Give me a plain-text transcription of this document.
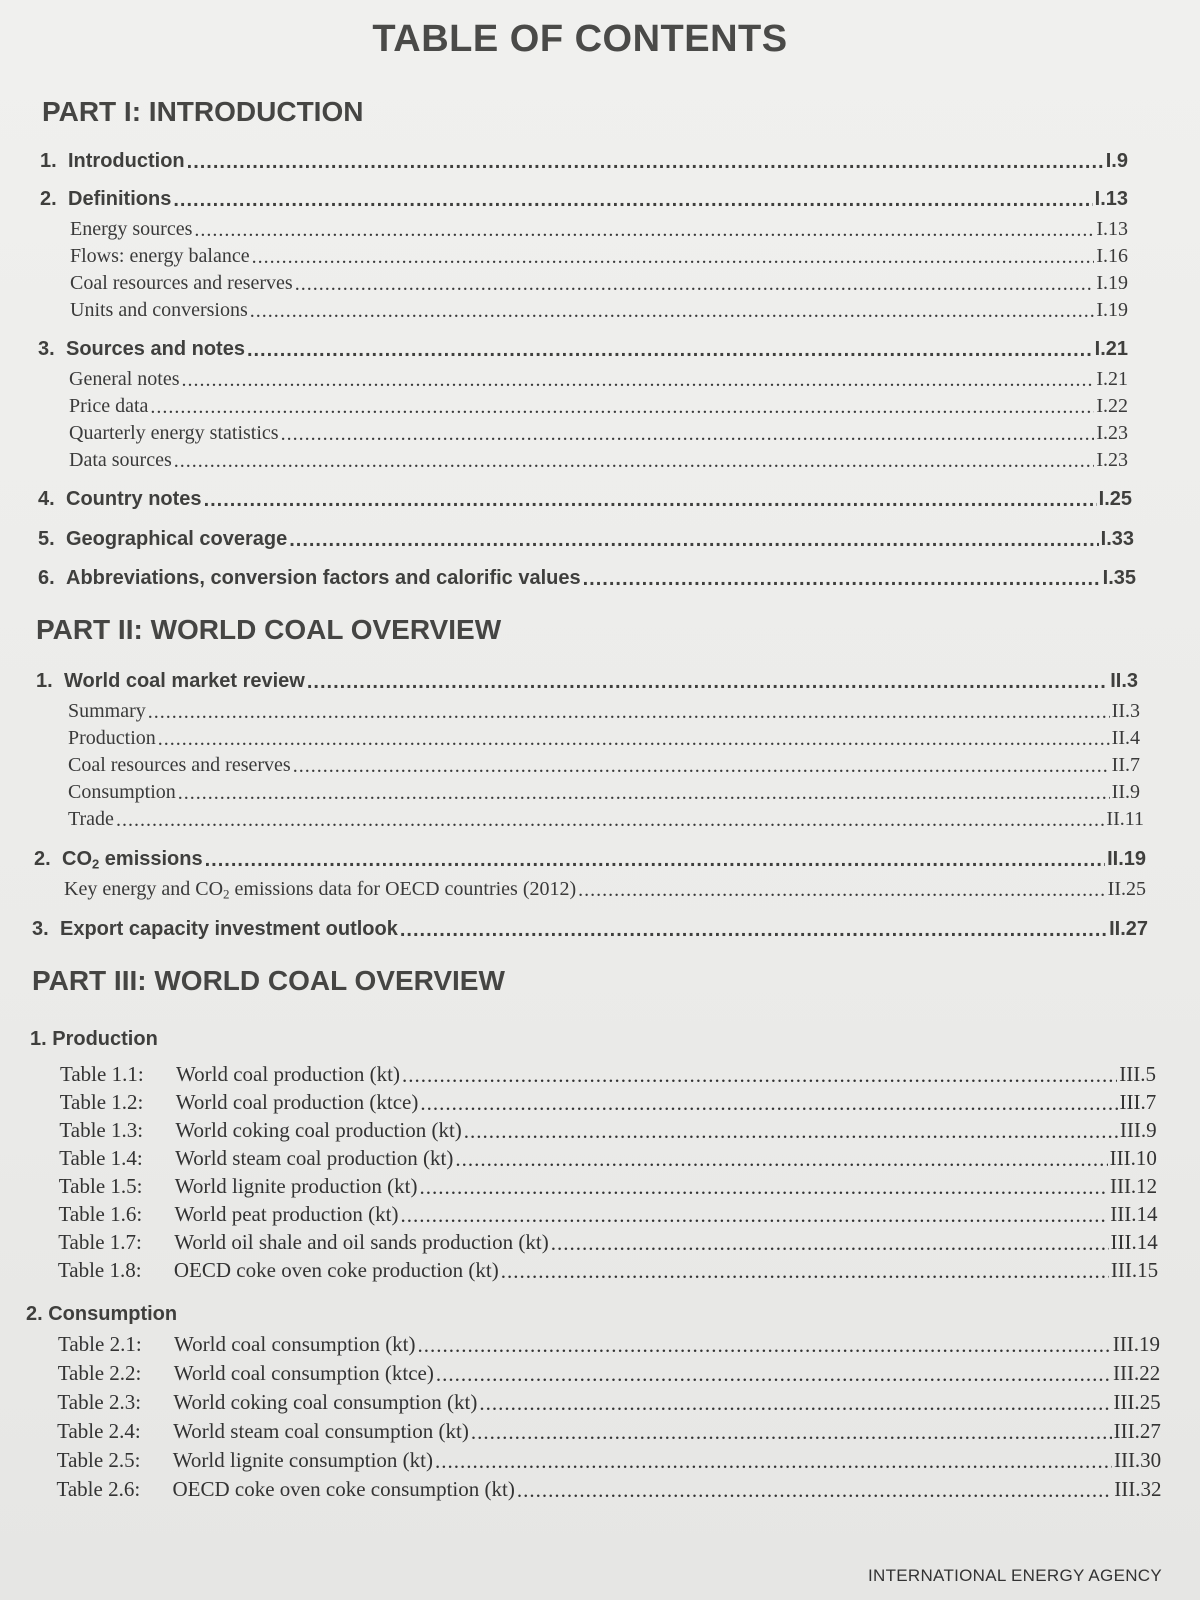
TABLE OF CONTENTS
PART I: INTRODUCTION
1. Introduction .....	I.9
2. Definitions .....	I.13
Energy sources .....	I.13
Flows: energy balance .....	I.16
Coal resources and reserves .....	I.19
Units and conversions .....	I.19
3. Sources and notes .....	I.21
General notes .....	I.21
Price data .....	I.22
Quarterly energy statistics .....	I.23
Data sources .....	I.23
4. Country notes .....	I.25
5. Geographical coverage .....	I.33
6. Abbreviations, conversion factors and calorific values .....	I.35
PART II: WORLD COAL OVERVIEW
1. World coal market review .....	II.3
Summary .....	II.3
Production .....	II.4
Coal resources and reserves .....	II.7
Consumption .....	II.9
Trade .....	II.11
2. $CO_2$ emissions .....	II.19
Key energy and $CO_2$ emissions data for OECD countries (2012) .....	II.25
3. Export capacity investment outlook .....	II.27
PART III: WORLD COAL OVERVIEW
1. Production
Table 1.1:	World coal production (kt) .....	III.5
Table 1.2:	World coal production (ktce) .....	III.7
Table 1.3:	World coking coal production (kt) .....	III.9
Table 1.4:	World steam coal production (kt) .....	III.10
Table 1.5:	World lignite production (kt) .....	III.12
Table 1.6:	World peat production (kt) .....	III.14
Table 1.7:	World oil shale and oil sands production (kt) .....	III.14
Table 1.8:	OECD coke oven coke production (kt) .....	III.15
2. Consumption
Table 2.1:	World coal consumption (kt) .....	III.19
Table 2.2:	World coal consumption (ktce) .....	III.22
Table 2.3:	World coking coal consumption (kt) .....	III.25
Table 2.4:	World steam coal consumption (kt) .....	III.27
Table 2.5:	World lignite consumption (kt) .....	III.30
Table 2.6:	OECD coke oven coke consumption (kt) .....	III.32
INTERNATIONAL ENERGY AGENCY
